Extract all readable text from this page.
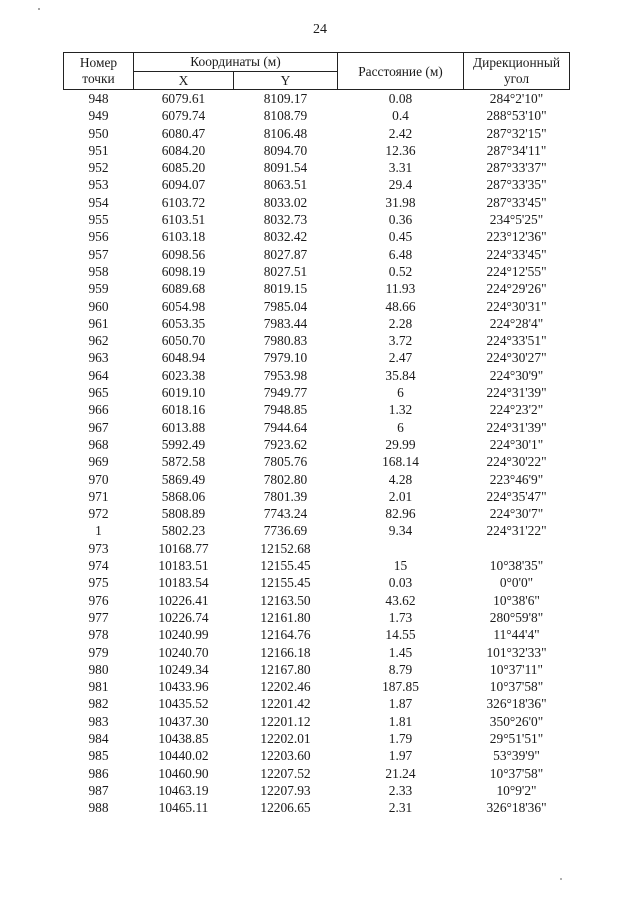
24
Номер точки	Координаты (м)		Расстояние (м)	Дирекционный угол
	X	Y		
948	6079.61	8109.17	0.08	284°2'10"
949	6079.74	8108.79	0.4	288°53'10"
950	6080.47	8106.48	2.42	287°32'15"
951	6084.20	8094.70	12.36	287°34'11"
952	6085.20	8091.54	3.31	287°33'37"
953	6094.07	8063.51	29.4	287°33'35"
954	6103.72	8033.02	31.98	287°33'45"
955	6103.51	8032.73	0.36	234°5'25"
956	6103.18	8032.42	0.45	223°12'36"
957	6098.56	8027.87	6.48	224°33'45"
958	6098.19	8027.51	0.52	224°12'55"
959	6089.68	8019.15	11.93	224°29'26"
960	6054.98	7985.04	48.66	224°30'31"
961	6053.35	7983.44	2.28	224°28'4"
962	6050.70	7980.83	3.72	224°33'51"
963	6048.94	7979.10	2.47	224°30'27"
964	6023.38	7953.98	35.84	224°30'9"
965	6019.10	7949.77	6	224°31'39"
966	6018.16	7948.85	1.32	224°23'2"
967	6013.88	7944.64	6	224°31'39"
968	5992.49	7923.62	29.99	224°30'1"
969	5872.58	7805.76	168.14	224°30'22"
970	5869.49	7802.80	4.28	223°46'9"
971	5868.06	7801.39	2.01	224°35'47"
972	5808.89	7743.24	82.96	224°30'7"
1	5802.23	7736.69	9.34	224°31'22"
973	10168.77	12152.68		
974	10183.51	12155.45	15	10°38'35"
975	10183.54	12155.45	0.03	0°0'0"
976	10226.41	12163.50	43.62	10°38'6"
977	10226.74	12161.80	1.73	280°59'8"
978	10240.99	12164.76	14.55	11°44'4"
979	10240.70	12166.18	1.45	101°32'33"
980	10249.34	12167.80	8.79	10°37'11"
981	10433.96	12202.46	187.85	10°37'58"
982	10435.52	12201.42	1.87	326°18'36"
983	10437.30	12201.12	1.81	350°26'0"
984	10438.85	12202.01	1.79	29°51'51"
985	10440.02	12203.60	1.97	53°39'9"
986	10460.90	12207.52	21.24	10°37'58"
987	10463.19	12207.93	2.33	10°9'2"
988	10465.11	12206.65	2.31	326°18'36"
